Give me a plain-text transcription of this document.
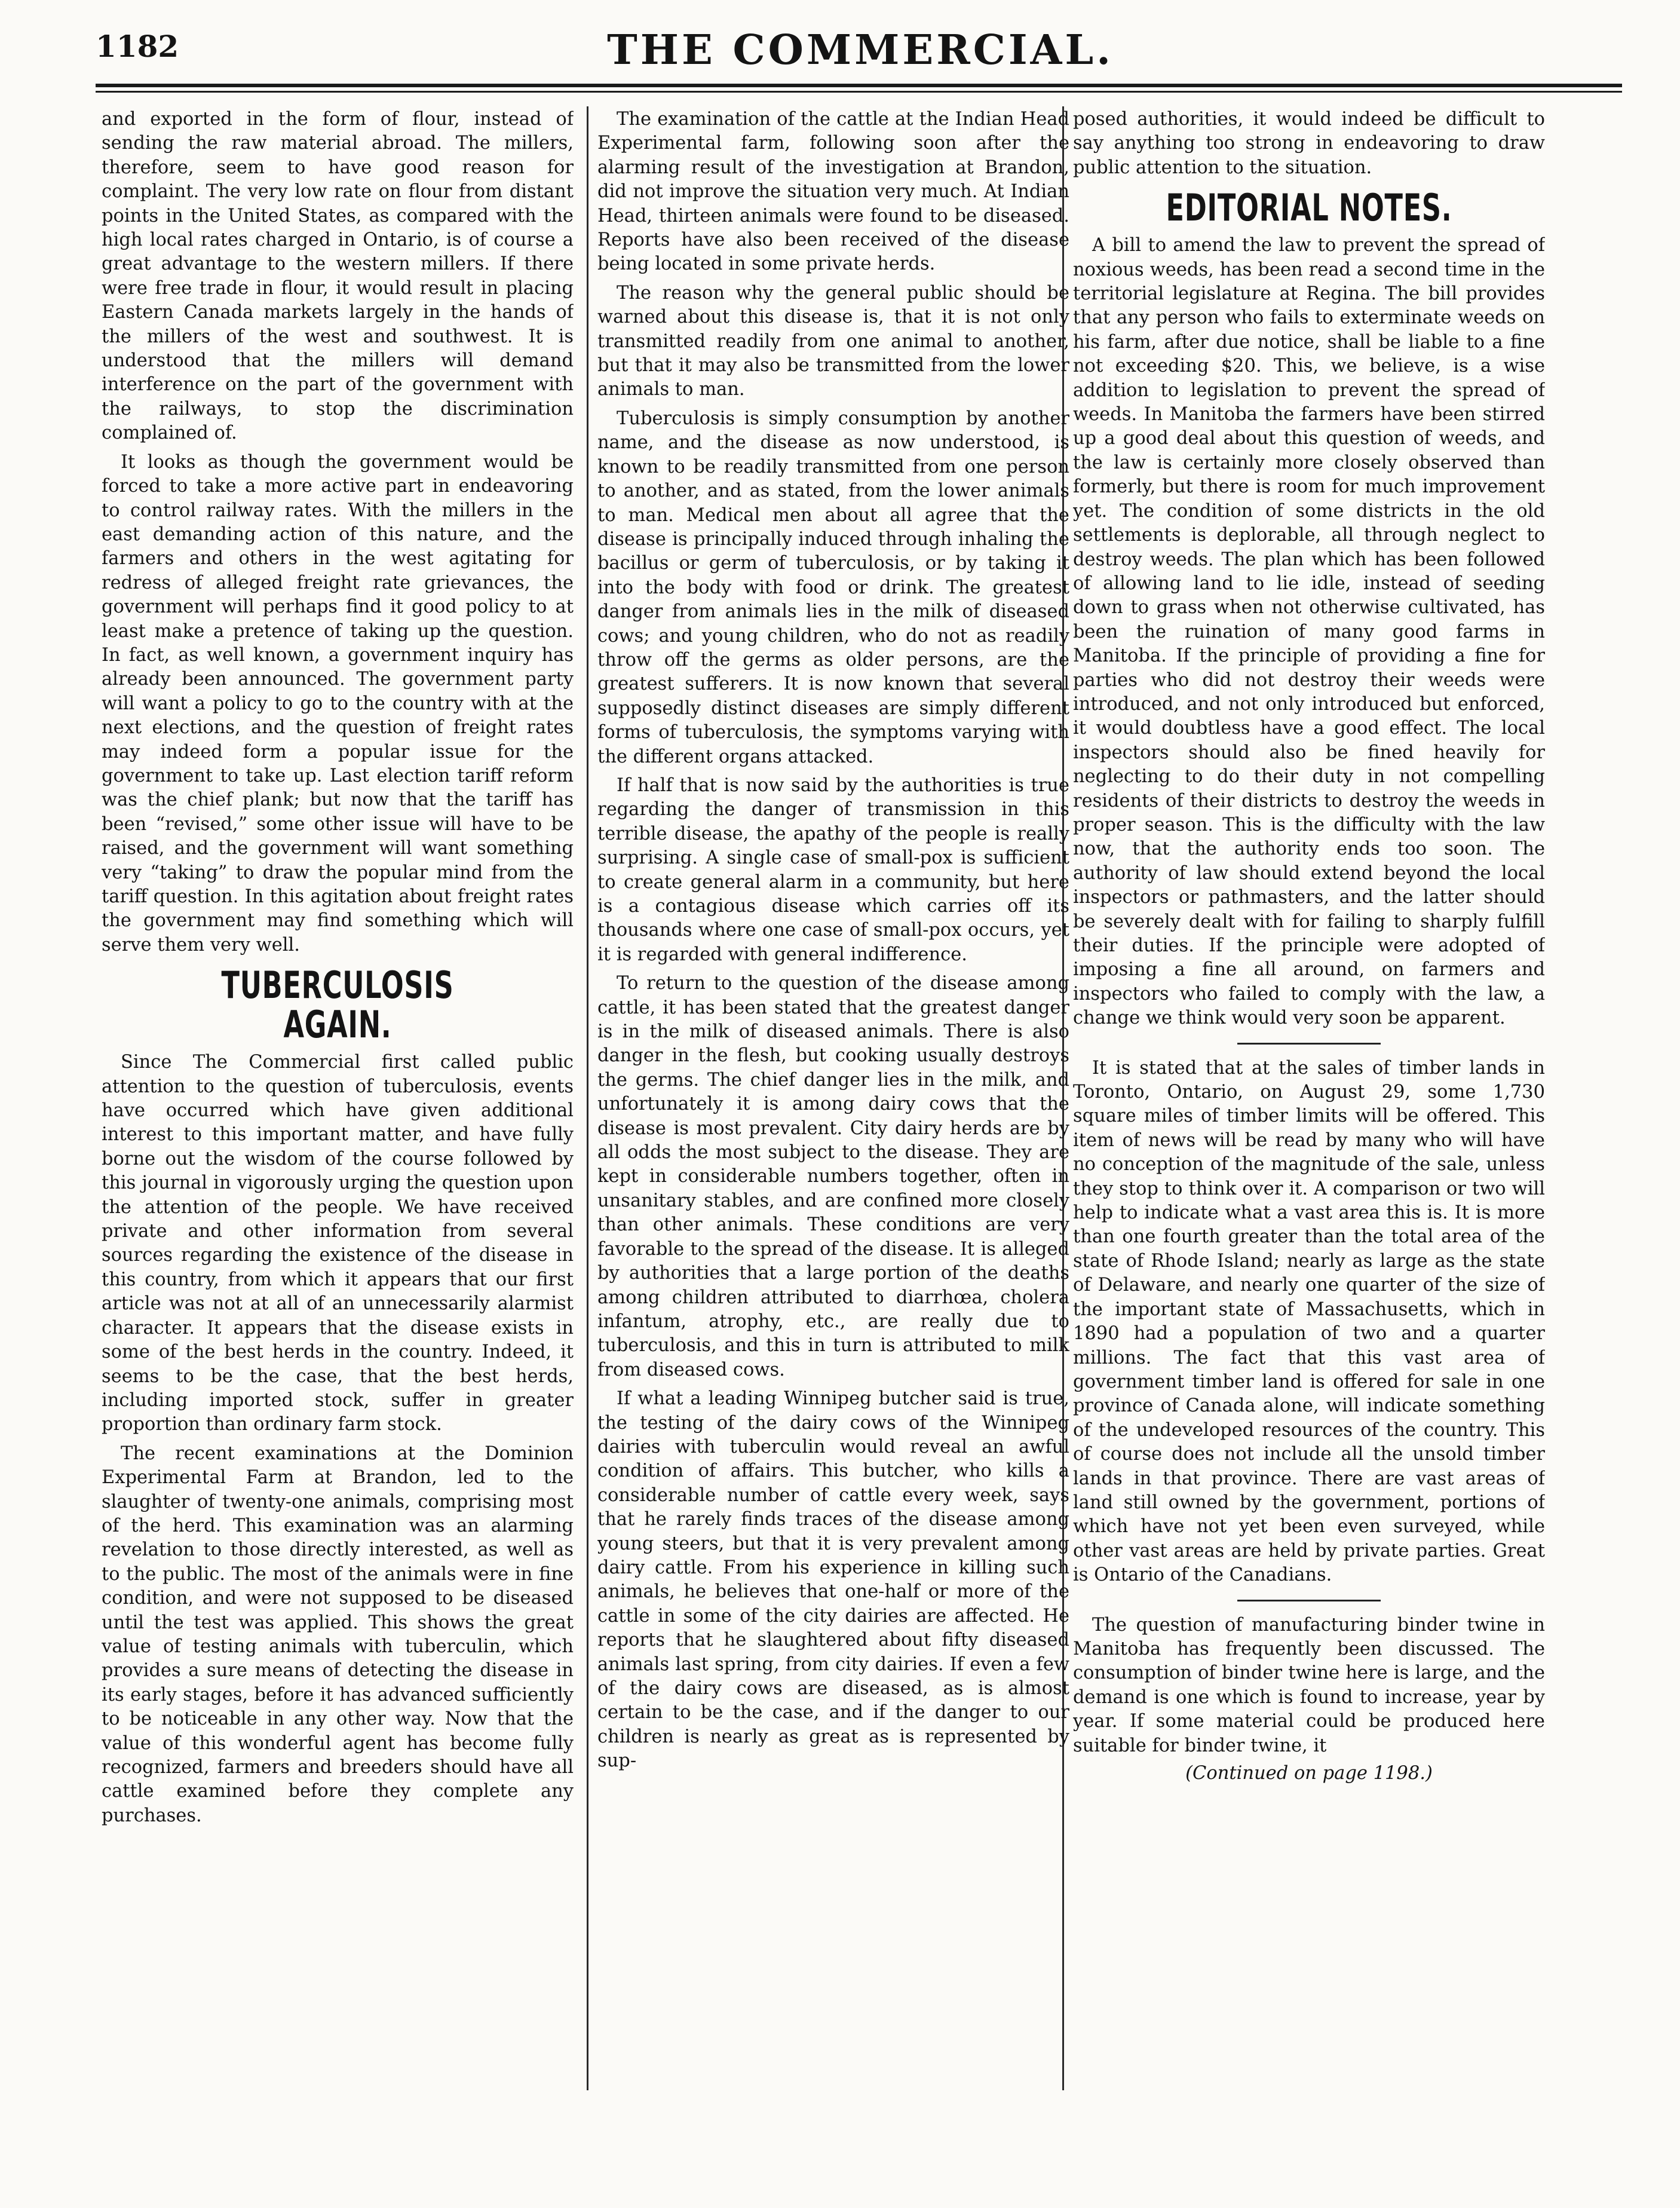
1182	THE COMMERCIAL.

and exported in the form of flour, instead of sending the raw material abroad. The millers, therefore, seem to have good reason for complaint. The very low rate on flour from distant points in the United States, as compared with the high local rates charged in Ontario, is of course a great advantage to the western millers. If there were free trade in flour, it would result in placing Eastern Canada markets largely in the hands of the millers of the west and southwest. It is understood that the millers will demand interference on the part of the government with the railways, to stop the discrimination complained of.

It looks as though the government would be forced to take a more active part in endeavoring to control railway rates. With the millers in the east demanding action of this nature, and the farmers and others in the west agitating for redress of alleged freight rate grievances, the government will perhaps find it good policy to at least make a pretence of taking up the question. In fact, as well known, a government inquiry has already been announced. The government party will want a policy to go to the country with at the next elections, and the question of freight rates may indeed form a popular issue for the government to take up. Last election tariff reform was the chief plank; but now that the tariff has been “revised,” some other issue will have to be raised, and the government will want something very “taking” to draw the popular mind from the tariff question. In this agitation about freight rates the government may find something which will serve them very well.

TUBERCULOSIS AGAIN.

Since The Commercial first called public attention to the question of tuberculosis, events have occurred which have given additional interest to this important matter, and have fully borne out the wisdom of the course followed by this journal in vigorously urging the question upon the attention of the people. We have received private and other information from several sources regarding the existence of the disease in this country, from which it appears that our first article was not at all of an unnecessarily alarmist character. It appears that the disease exists in some of the best herds in the country. Indeed, it seems to be the case, that the best herds, including imported stock, suffer in greater proportion than ordinary farm stock.

The recent examinations at the Dominion Experimental Farm at Brandon, led to the slaughter of twenty-one animals, comprising most of the herd. This examination was an alarming revelation to those directly interested, as well as to the public. The most of the animals were in fine condition, and were not supposed to be diseased until the test was applied. This shows the great value of testing animals with tuberculin, which provides a sure means of detecting the disease in its early stages, before it has advanced sufficiently to be noticeable in any other way. Now that the value of this wonderful agent has become fully recognized, farmers and breeders should have all cattle examined before they complete any purchases.

The examination of the cattle at the Indian Head Experimental farm, following soon after the alarming result of the investigation at Brandon, did not improve the situation very much. At Indian Head, thirteen animals were found to be diseased. Reports have also been received of the disease being located in some private herds.

The reason why the general public should be warned about this disease is, that it is not only transmitted readily from one animal to another, but that it may also be transmitted from the lower animals to man.

Tuberculosis is simply consumption by another name, and the disease as now understood, is known to be readily transmitted from one person to another, and as stated, from the lower animals to man. Medical men about all agree that the disease is principally induced through inhaling the bacillus or germ of tuberculosis, or by taking it into the body with food or drink. The greatest danger from animals lies in the milk of diseased cows; and young children, who do not as readily throw off the germs as older persons, are the greatest sufferers. It is now known that several supposedly distinct diseases are simply different forms of tuberculosis, the symptoms varying with the different organs attacked.

If half that is now said by the authorities is true regarding the danger of transmission in this terrible disease, the apathy of the people is really surprising. A single case of small-pox is sufficient to create general alarm in a community, but here is a contagious disease which carries off its thousands where one case of small-pox occurs, yet it is regarded with general indifference.

To return to the question of the disease among cattle, it has been stated that the greatest danger is in the milk of diseased animals. There is also danger in the flesh, but cooking usually destroys the germs. The chief danger lies in the milk, and unfortunately it is among dairy cows that the disease is most prevalent. City dairy herds are by all odds the most subject to the disease. They are kept in considerable numbers together, often in unsanitary stables, and are confined more closely than other animals. These conditions are very favorable to the spread of the disease. It is alleged by authorities that a large portion of the deaths among children attributed to diarrhœa, cholera infantum, atrophy, etc., are really due to tuberculosis, and this in turn is attributed to milk from diseased cows.

If what a leading Winnipeg butcher said is true, the testing of the dairy cows of the Winnipeg dairies with tuberculin would reveal an awful condition of affairs. This butcher, who kills a considerable number of cattle every week, says that he rarely finds traces of the disease among young steers, but that it is very prevalent among dairy cattle. From his experience in killing such animals, he believes that one-half or more of the cattle in some of the city dairies are affected. He reports that he slaughtered about fifty diseased animals last spring, from city dairies. If even a few of the dairy cows are diseased, as is almost certain to be the case, and if the danger to our children is nearly as great as is represented by sup-

posed authorities, it would indeed be difficult to say anything too strong in endeavoring to draw public attention to the situation.

EDITORIAL NOTES.

A bill to amend the law to prevent the spread of noxious weeds, has been read a second time in the territorial legislature at Regina. The bill provides that any person who fails to exterminate weeds on his farm, after due notice, shall be liable to a fine not exceeding $20. This, we believe, is a wise addition to legislation to prevent the spread of weeds. In Manitoba the farmers have been stirred up a good deal about this question of weeds, and the law is certainly more closely observed than formerly, but there is room for much improvement yet. The condition of some districts in the old settlements is deplorable, all through neglect to destroy weeds. The plan which has been followed of allowing land to lie idle, instead of seeding down to grass when not otherwise cultivated, has been the ruination of many good farms in Manitoba. If the principle of providing a fine for parties who did not destroy their weeds were introduced, and not only introduced but enforced, it would doubtless have a good effect. The local inspectors should also be fined heavily for neglecting to do their duty in not compelling residents of their districts to destroy the weeds in proper season. This is the difficulty with the law now, that the authority ends too soon. The authority of law should extend beyond the local inspectors or pathmasters, and the latter should be severely dealt with for failing to sharply fulfill their duties. If the principle were adopted of imposing a fine all around, on farmers and inspectors who failed to comply with the law, a change we think would very soon be apparent.

It is stated that at the sales of timber lands in Toronto, Ontario, on August 29, some 1,730 square miles of timber limits will be offered. This item of news will be read by many who will have no conception of the magnitude of the sale, unless they stop to think over it. A comparison or two will help to indicate what a vast area this is. It is more than one fourth greater than the total area of the state of Rhode Island; nearly as large as the state of Delaware, and nearly one quarter of the size of the important state of Massachusetts, which in 1890 had a population of two and a quarter millions. The fact that this vast area of government timber land is offered for sale in one province of Canada alone, will indicate something of the undeveloped resources of the country. This of course does not include all the unsold timber lands in that province. There are vast areas of land still owned by the government, portions of which have not yet been even surveyed, while other vast areas are held by private parties. Great is Ontario of the Canadians.

The question of manufacturing binder twine in Manitoba has frequently been discussed. The consumption of binder twine here is large, and the demand is one which is found to increase, year by year. If some material could be produced here suitable for binder twine, it

(Continued on page 1198.)
